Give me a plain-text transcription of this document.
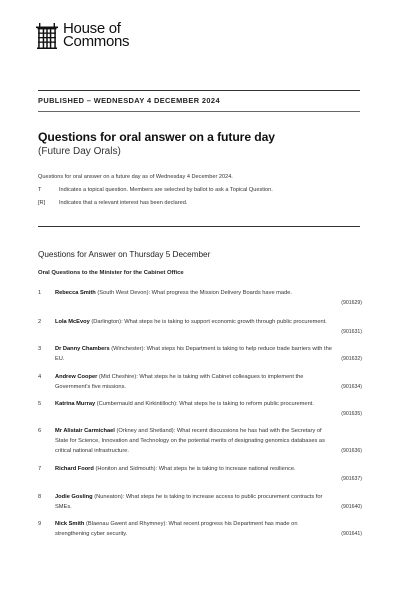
House of
Commons
PUBLISHED – WEDNESDAY 4 DECEMBER 2024
Questions for oral answer on a future day
(Future Day Orals)
Questions for oral answer on a future day as of Wednesday 4 December 2024.
T	Indicates a topical question. Members are selected by ballot to ask a Topical Question.
[R]	Indicates that a relevant interest has been declared.
Questions for Answer on Thursday 5 December
Oral Questions to the Minister for the Cabinet Office
1 Rebecca Smith (South West Devon): What progress the Mission Delivery Boards have made.
(901629)
2 Lola McEvoy (Darlington): What steps he is taking to support economic growth through public procurement.
(901631)
3 Dr Danny Chambers (Winchester): What steps his Department is taking to help reduce trade barriers with the EU.	(901632)
4 Andrew Cooper (Mid Cheshire): What steps he is taking with Cabinet colleagues to implement the Government’s five missions.	(901634)
5 Katrina Murray (Cumbernauld and Kirkintilloch): What steps he is taking to reform public procurement.
(901635)
6 Mr Alistair Carmichael (Orkney and Shetland): What recent discussions he has had with the Secretary of State for Science, Innovation and Technology on the potential merits of designating genomics databases as critical national infrastructure.	(901636)
7 Richard Foord (Honiton and Sidmouth): What steps he is taking to increase national resilience.
(901637)
8 Jodie Gosling (Nuneaton): What steps he is taking to increase access to public procurement contracts for SMEs.	(901640)
9 Nick Smith (Blaenau Gwent and Rhymney): What recent progress his Department has made on strengthening cyber security.	(901641)
